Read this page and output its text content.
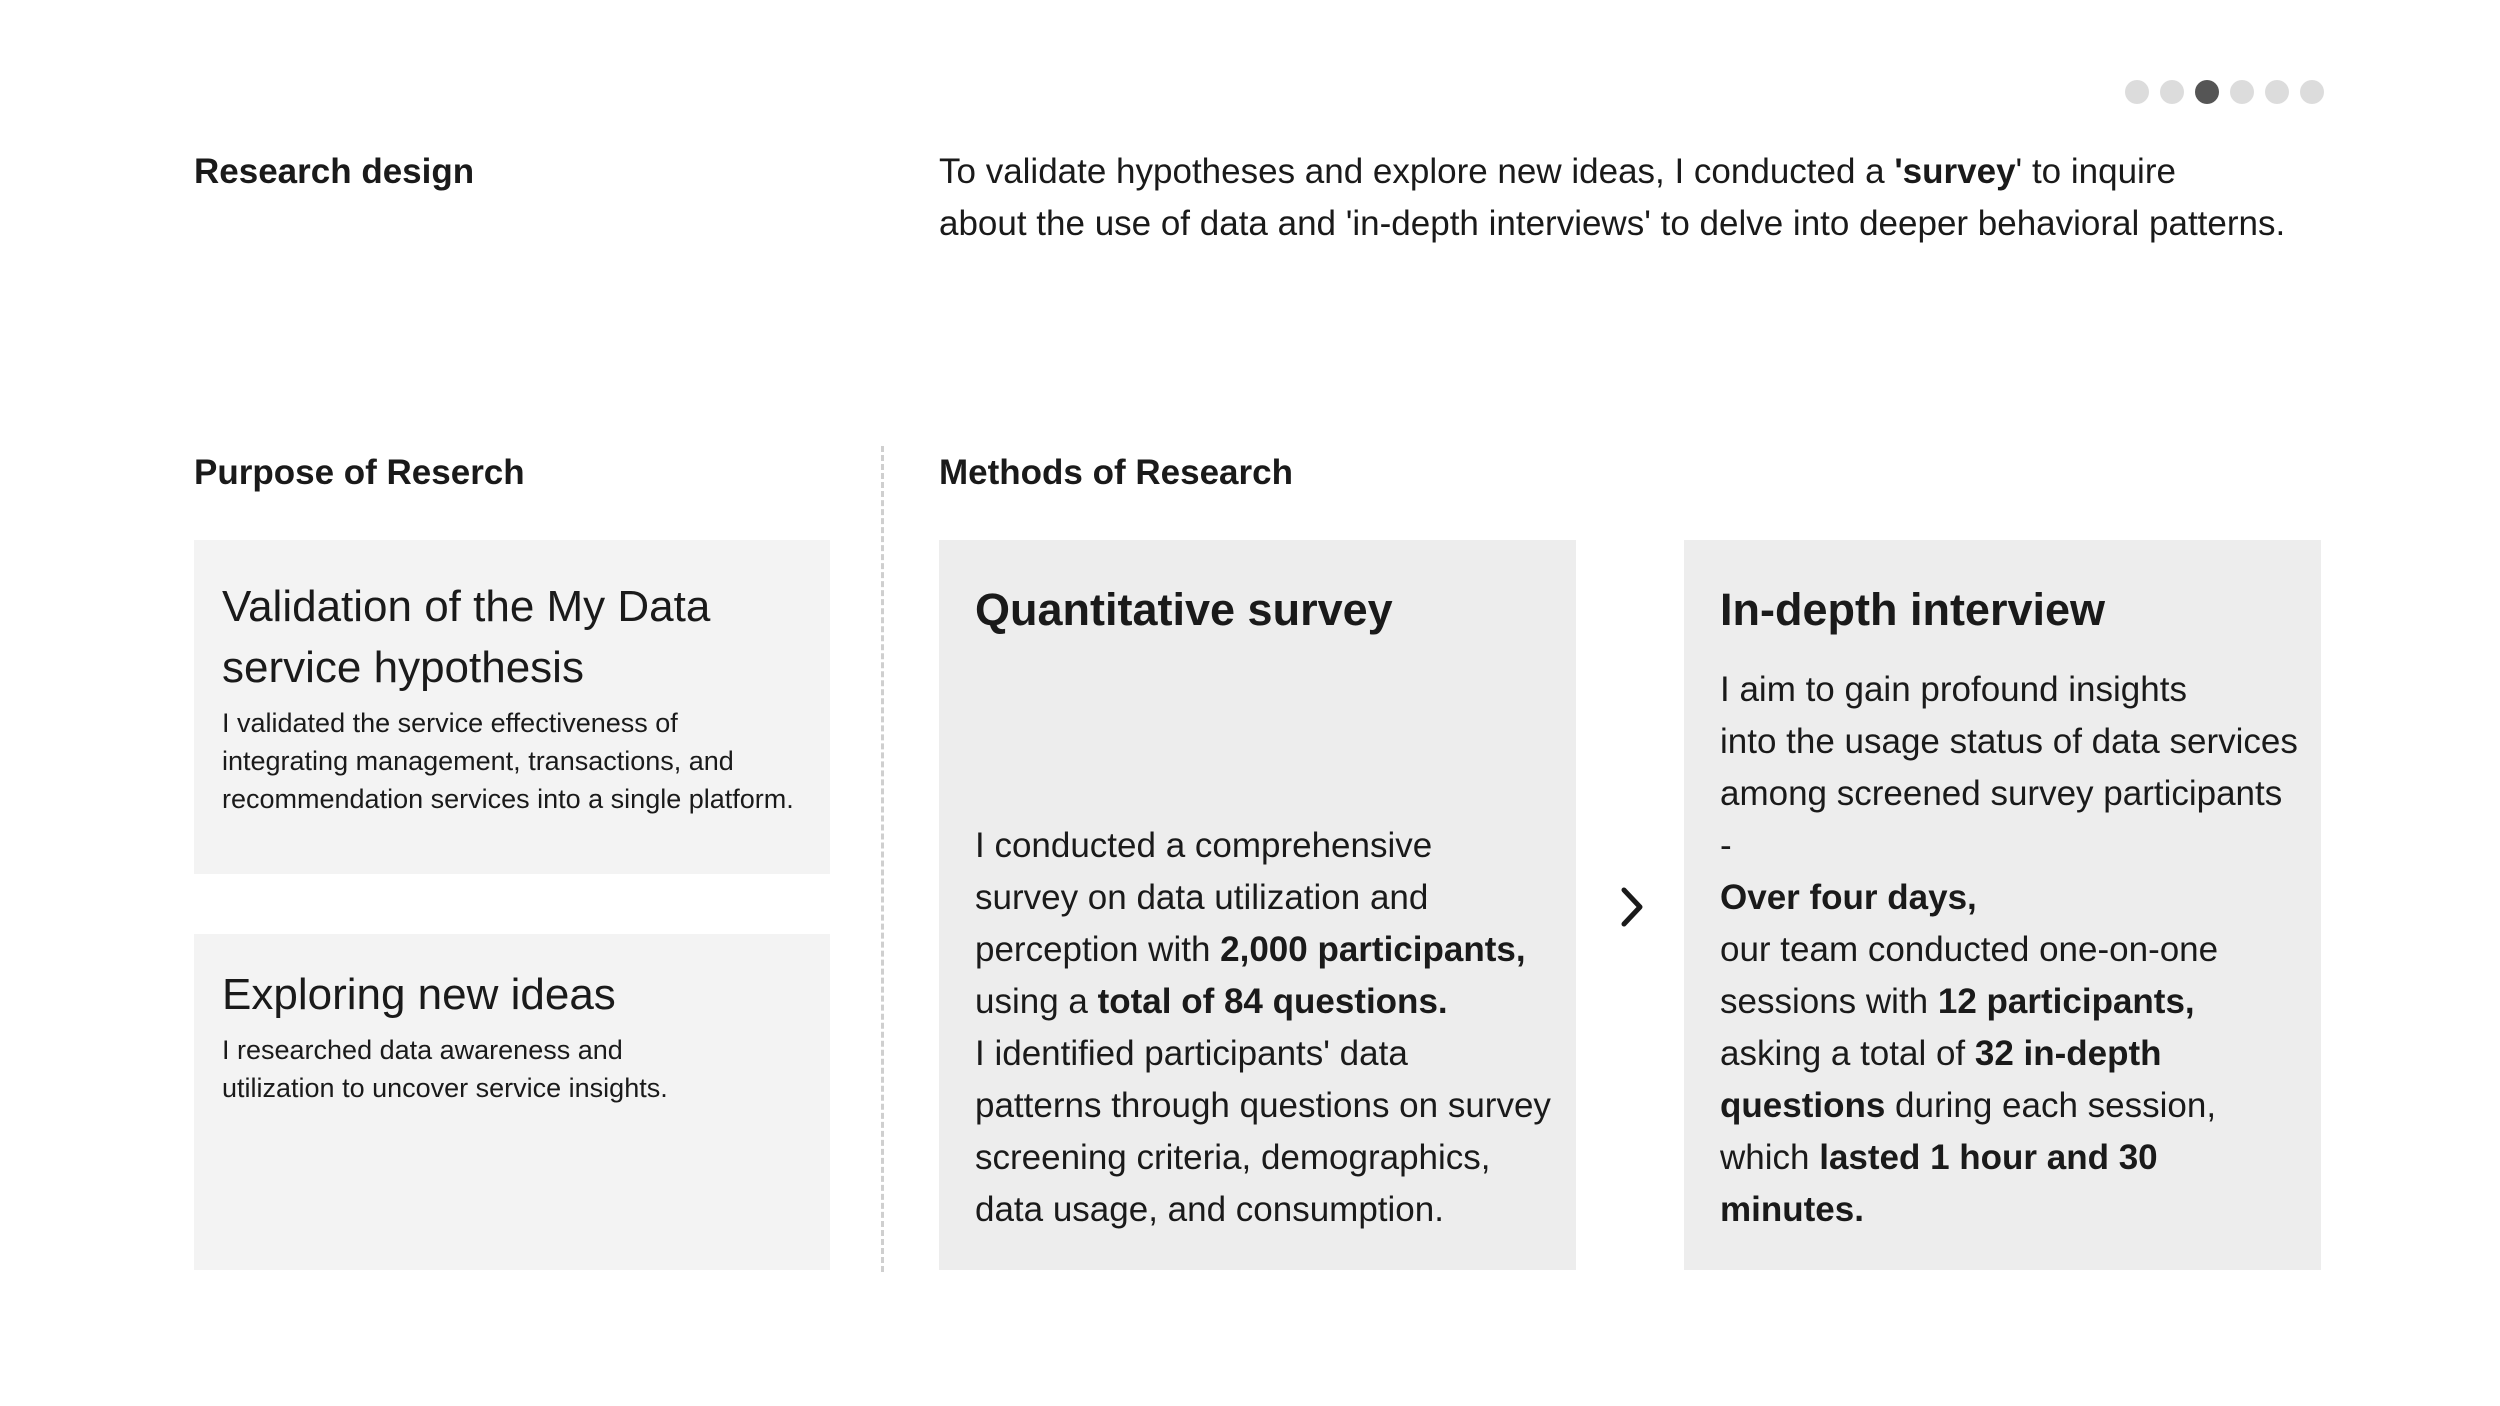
Research design	To validate hypotheses and explore new ideas, I conducted a 'survey' to inquire
about the use of data and 'in-depth interviews' to delve into deeper behavioral patterns.

Purpose of Reserch
Validation of the My Data
service hypothesis

I validated the service effectiveness of
integrating management, transactions, and
recommendation services into a single platform.

Exploring new ideas

I researched data awareness and
utilization to uncover service insights.

Methods of Research
Quantitative survey

I conducted a comprehensive
survey on data utilization and
perception with 2,000 participants,
using a total of 84 questions.
I identified participants' data
patterns through questions on survey
screening criteria, demographics,
data usage, and consumption.

In-depth interview

I aim to gain profound insights
into the usage status of data services
among screened survey participants
-
Over four days,
our team conducted one-on-one
sessions with 12 participants,
asking a total of 32 in-depth
questions during each session,
which lasted 1 hour and 30 minutes.
